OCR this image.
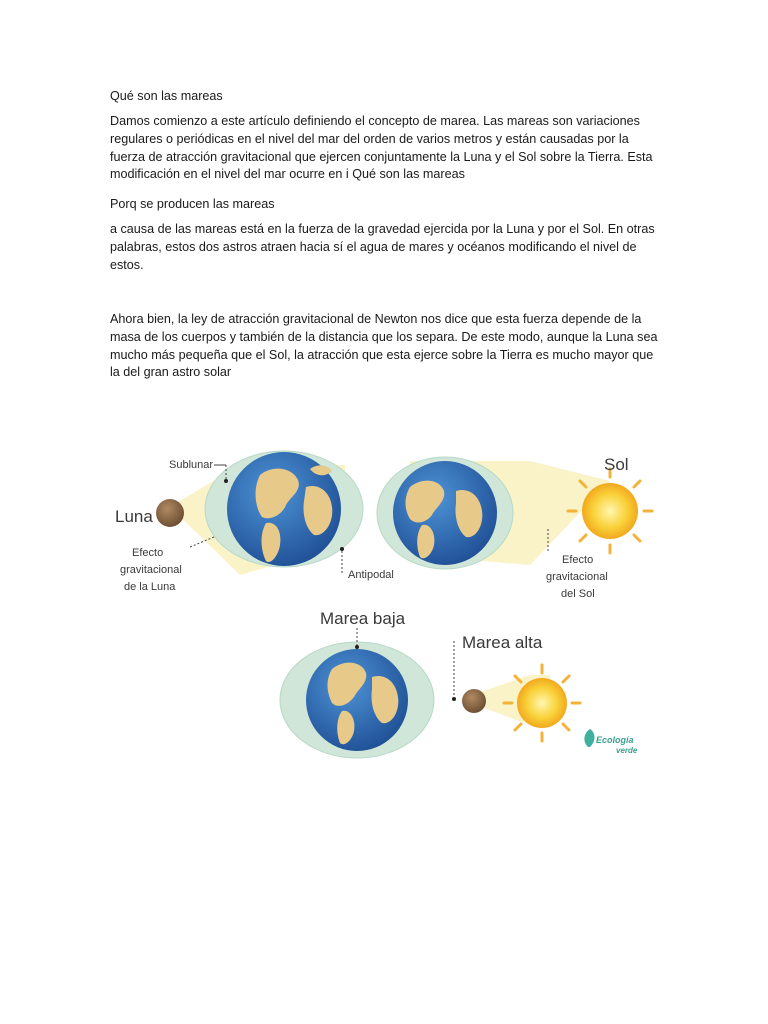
Qué son las mareas

Damos comienzo a este artículo definiendo el concepto de marea. Las mareas son variaciones regulares o periódicas en el nivel del mar del orden de varios metros y están causadas por la fuerza de atracción gravitacional que ejercen conjuntamente la Luna y el Sol sobre la Tierra. Esta modificación en el nivel del mar ocurre en i Qué son las mareas

Porq se producen las mareas

a causa de las mareas está en la fuerza de la gravedad ejercida por la Luna y por el Sol. En otras palabras, estos dos astros atraen hacia sí el agua de mares y océanos modificando el nivel de estos.

Ahora bien, la ley de atracción gravitacional de Newton nos dice que esta fuerza depende de la masa de los cuerpos y también de la distancia que los separa. De este modo, aunque la Luna sea mucho más pequeña que el Sol, la atracción que esta ejerce sobre la Tierra es mucho mayor que la del gran astro solar

Luna
Sublunar
Efecto
gravitacional
de la Luna
Antipodal
Sol
Efecto
gravitacional
del Sol
Marea baja
Marea alta
Ecología
verde
